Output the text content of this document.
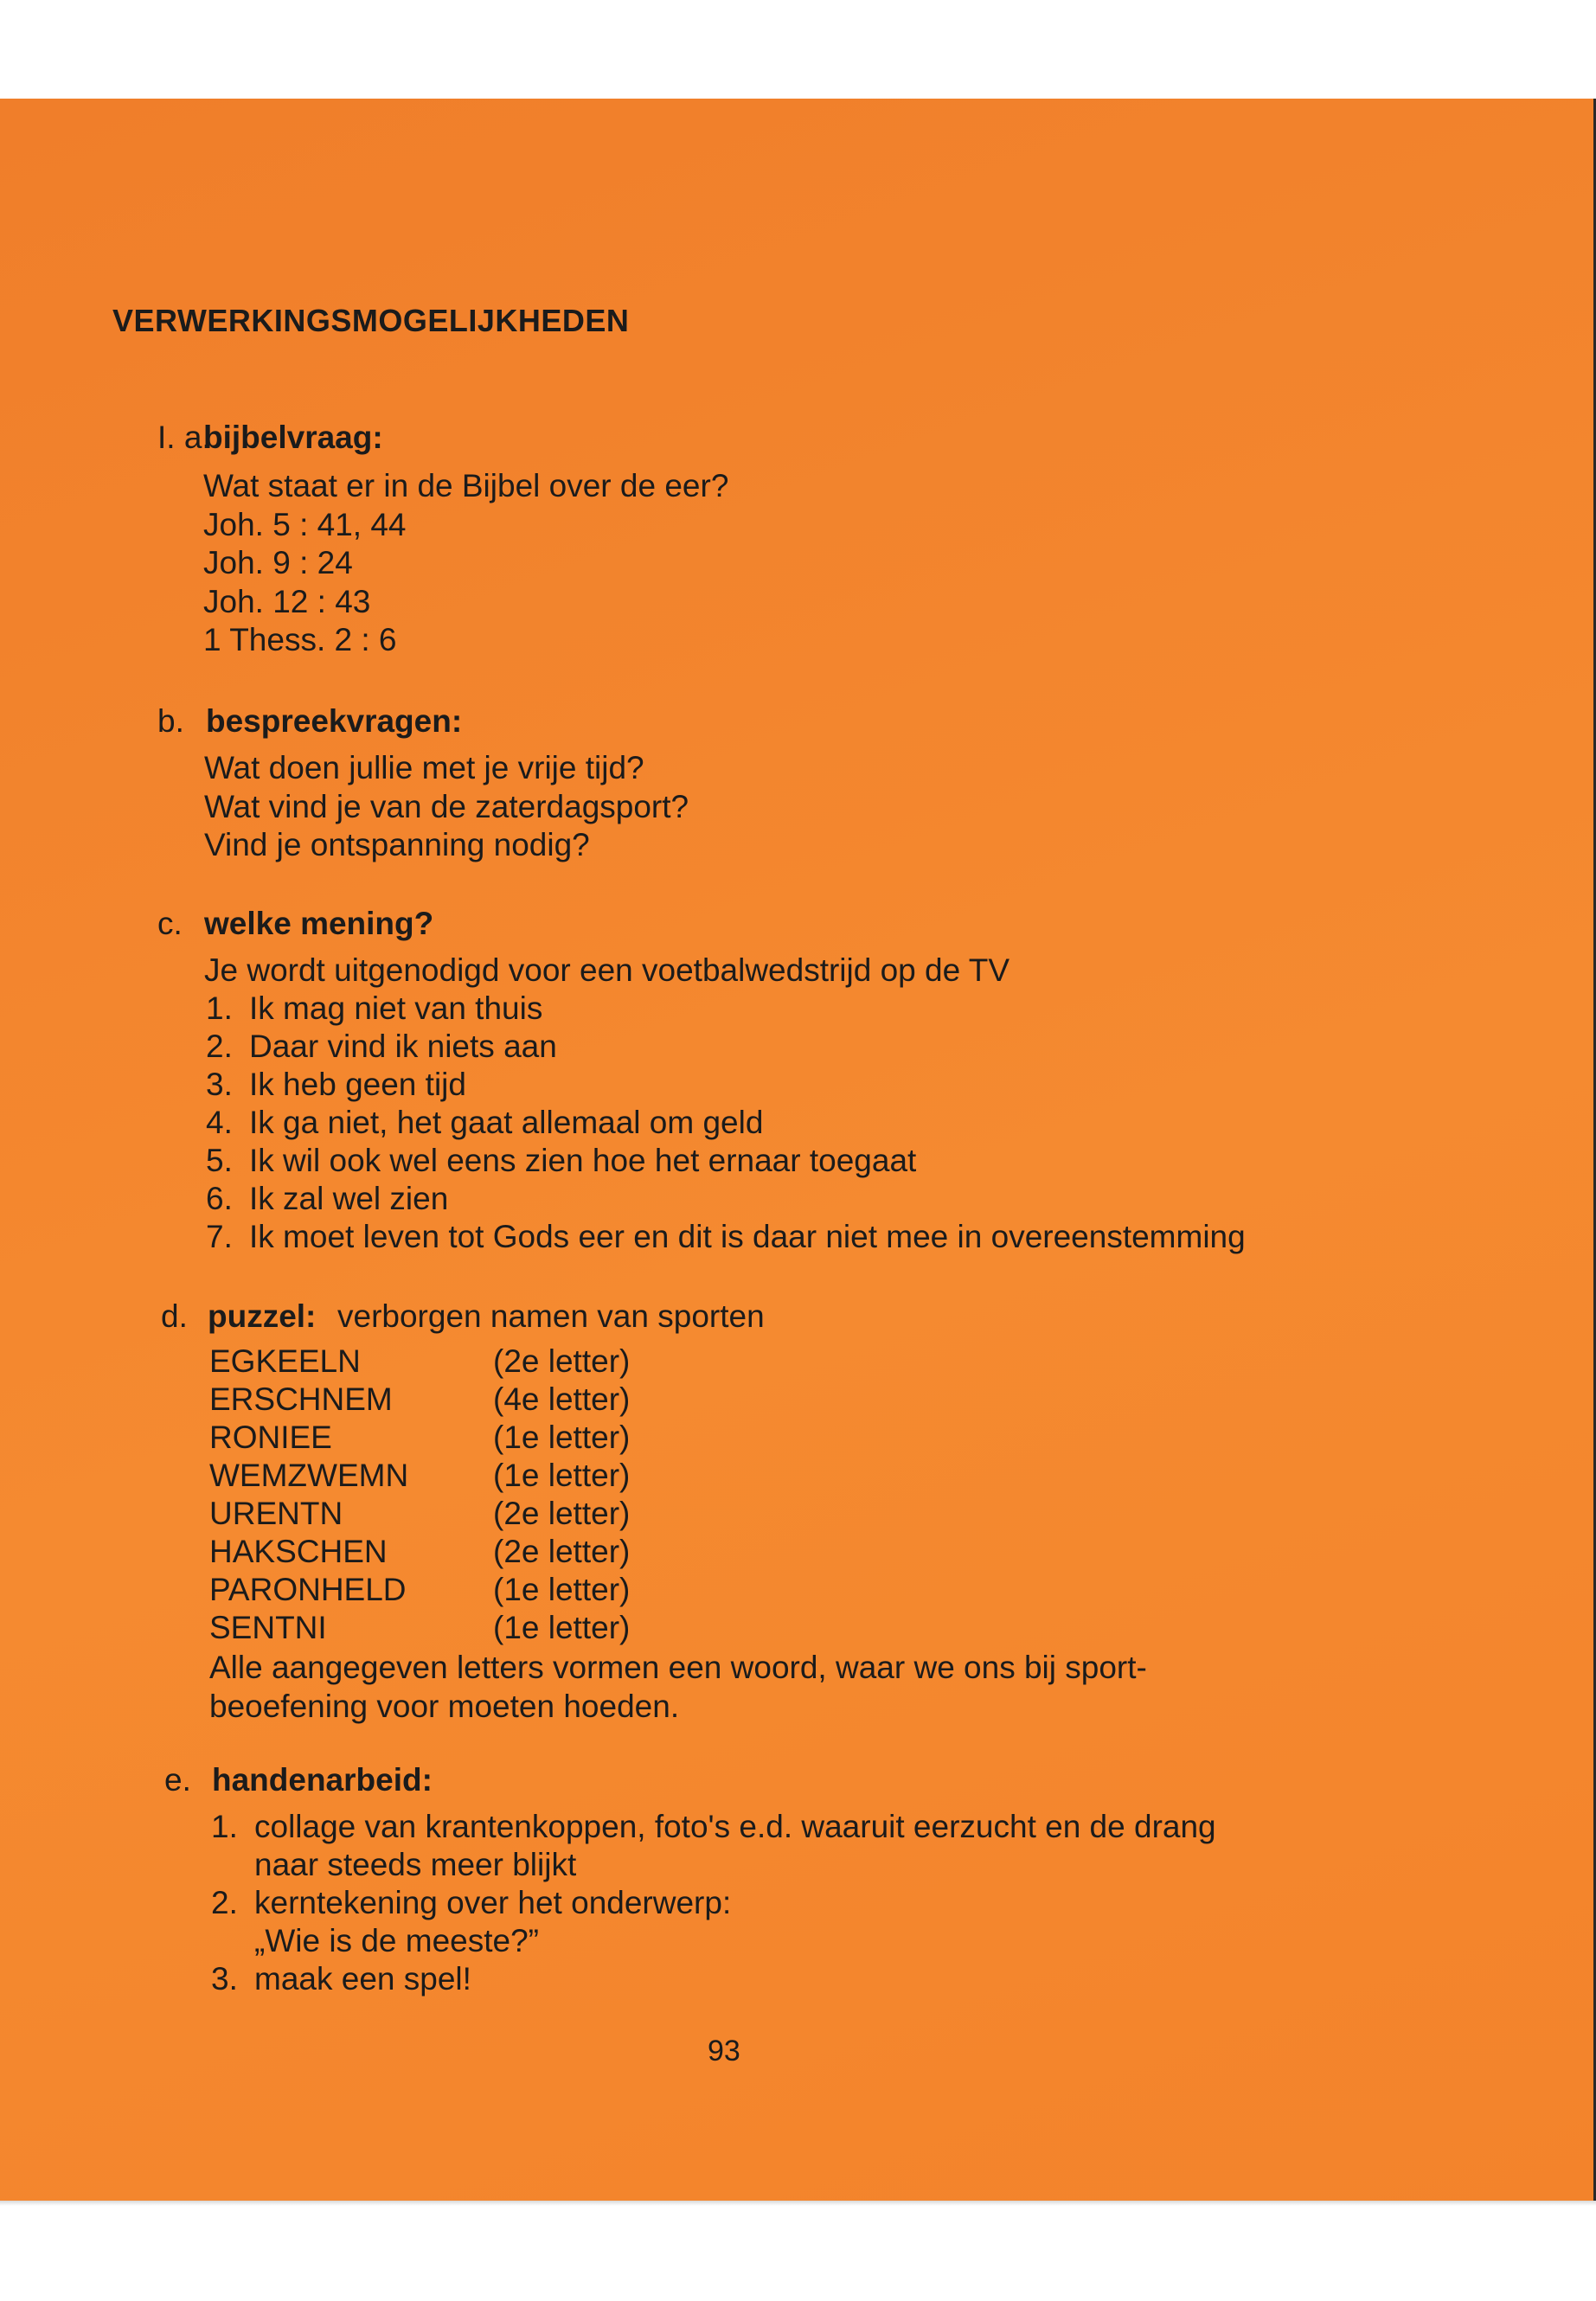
VERWERKINGSMOGELIJKHEDEN
I. a.
bijbelvraag:
Wat staat er in de Bijbel over de eer?
Joh. 5 : 41, 44
Joh. 9 : 24
Joh. 12 : 43
1 Thess. 2 : 6
b. bespreekvragen:
Wat doen jullie met je vrije tijd?
Wat vind je van de zaterdagsport?
Vind je ontspanning nodig?
c. welke mening?
Je wordt uitgenodigd voor een voetbalwedstrijd op de TV
1. Ik mag niet van thuis
2. Daar vind ik niets aan
3. Ik heb geen tijd
4. Ik ga niet, het gaat allemaal om geld
5. Ik wil ook wel eens zien hoe het ernaar toegaat
6. Ik zal wel zien
7. Ik moet leven tot Gods eer en dit is daar niet mee in overeenstemming
d. puzzel: verborgen namen van sporten
EGKEELN	(2e letter)
ERSCHNEM	(4e letter)
RONIEE	(1e letter)
WEMZWEMN	(1e letter)
URENTN	(2e letter)
HAKSCHEN	(2e letter)
PARONHELD	(1e letter)
SENTNI	(1e letter)
Alle aangegeven letters vormen een woord, waar we ons bij sport-
beoefening voor moeten hoeden.
e. handenarbeid:
1. collage van krantenkoppen, foto's e.d. waaruit eerzucht en de drang
naar steeds meer blijkt
2. kerntekening over het onderwerp:
„Wie is de meeste?”
3. maak een spel!
93
